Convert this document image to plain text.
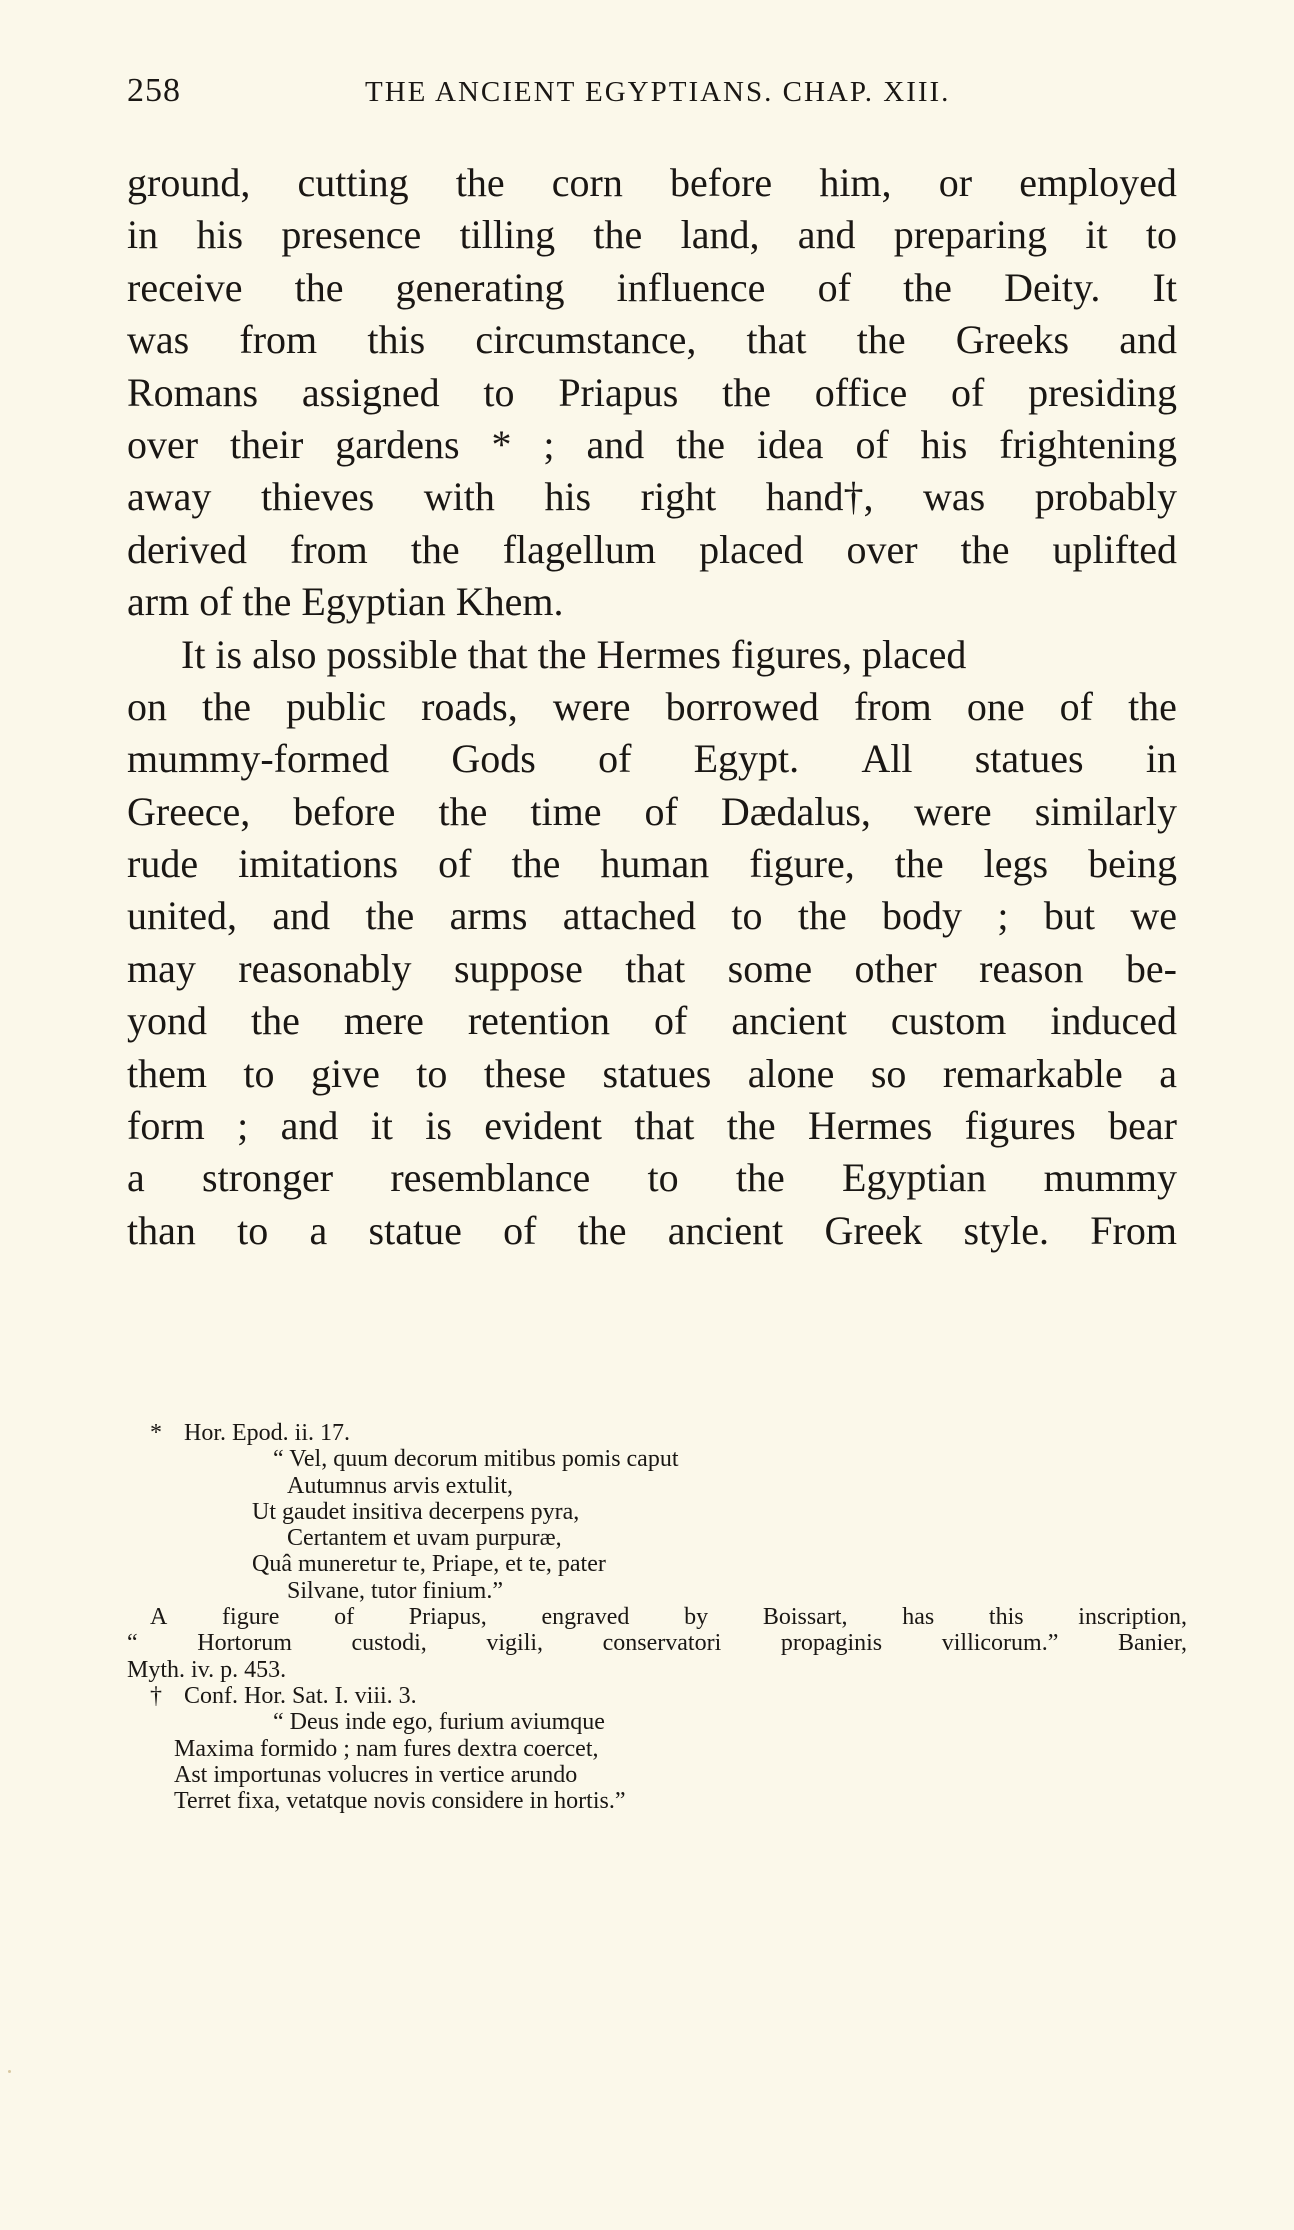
258	THE ANCIENT EGYPTIANS. CHAP. XIII.
ground, cutting the corn before him, or employed
in his presence tilling the land, and preparing it to
receive the generating influence of the Deity. It
was from this circumstance, that the Greeks and
Romans assigned to Priapus the office of presiding
over their gardens * ; and the idea of his frightening
away thieves with his right hand†, was probably
derived from the flagellum placed over the uplifted
arm of the Egyptian Khem.
It is also possible that the Hermes figures, placed
on the public roads, were borrowed from one of the
mummy-formed Gods of Egypt. All statues in
Greece, before the time of Dædalus, were similarly
rude imitations of the human figure, the legs being
united, and the arms attached to the body ; but we
may reasonably suppose that some other reason be-
yond the mere retention of ancient custom induced
them to give to these statues alone so remarkable a
form ; and it is evident that the Hermes figures bear
a stronger resemblance to the Egyptian mummy
than to a statue of the ancient Greek style. From
* Hor. Epod. ii. 17.
“ Vel, quum decorum mitibus pomis caput
Autumnus arvis extulit,
Ut gaudet insitiva decerpens pyra,
Certantem et uvam purpuræ,
Quâ muneretur te, Priape, et te, pater
Silvane, tutor finium.”
A figure of Priapus, engraved by Boissart, has this inscription,
“ Hortorum custodi, vigili, conservatori propaginis villicorum.” Banier,
Myth. iv. p. 453.
† Conf. Hor. Sat. I. viii. 3.
“ Deus inde ego, furium aviumque
Maxima formido ; nam fures dextra coercet,
Ast importunas volucres in vertice arundo
Terret fixa, vetatque novis considere in hortis.”
